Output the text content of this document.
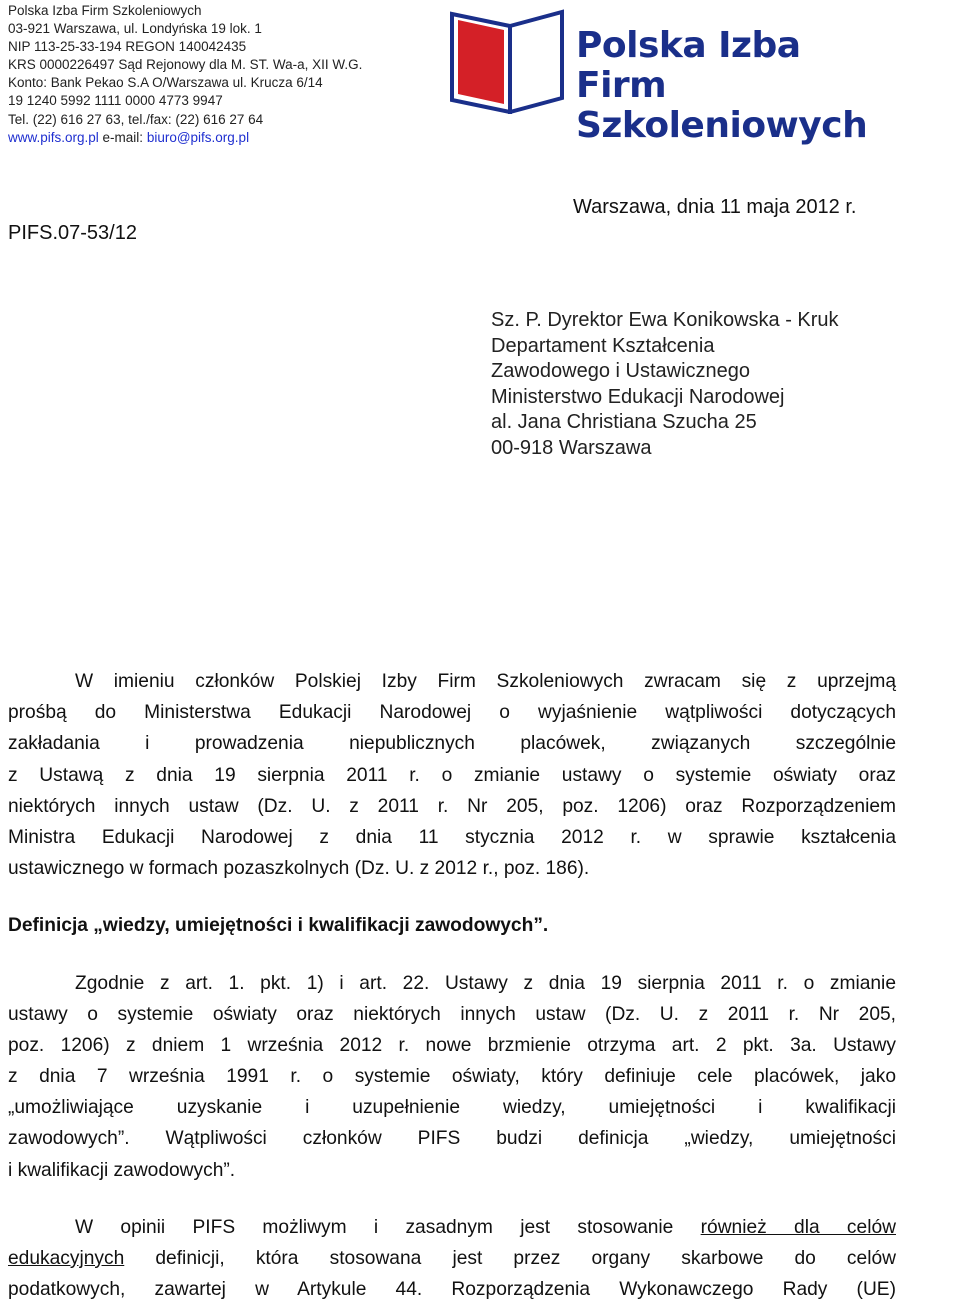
Polska Izba Firm Szkoleniowych
03-921 Warszawa, ul. Londyńska 19 lok. 1
NIP 113-25-33-194 REGON 140042435
KRS 0000226497 Sąd Rejonowy dla M. ST. Wa-a, XII W.G.
Konto: Bank Pekao S.A O/Warszawa ul. Krucza 6/14
19 1240 5992 1111 0000 4773 9947
Tel. (22) 616 27 63, tel./fax: (22) 616 27 64
www.pifs.org.pl e-mail: biuro@pifs.org.pl
Polska Izba
Firm Szkoleniowych
PIFS.07-53/12
Warszawa, dnia 11 maja 2012 r.
Sz. P. Dyrektor Ewa Konikowska - Kruk
Departament Kształcenia
Zawodowego i Ustawicznego
Ministerstwo Edukacji Narodowej
al. Jana Christiana Szucha 25
00-918 Warszawa
W imieniu członków Polskiej Izby Firm Szkoleniowych zwracam się z uprzejmą
prośbą do Ministerstwa Edukacji Narodowej o wyjaśnienie wątpliwości dotyczących
zakładania i prowadzenia niepublicznych placówek, związanych szczególnie
z Ustawą z dnia 19 sierpnia 2011 r. o zmianie ustawy o systemie oświaty oraz
niektórych innych ustaw (Dz. U. z 2011 r. Nr 205, poz. 1206) oraz Rozporządzeniem
Ministra Edukacji Narodowej z dnia 11 stycznia 2012 r. w sprawie kształcenia
ustawicznego w formach pozaszkolnych (Dz. U. z 2012 r., poz. 186).
Definicja „wiedzy, umiejętności i kwalifikacji zawodowych”.
Zgodnie z art. 1. pkt. 1) i art. 22. Ustawy z dnia 19 sierpnia 2011 r. o zmianie
ustawy o systemie oświaty oraz niektórych innych ustaw (Dz. U. z 2011 r. Nr 205,
poz. 1206) z dniem 1 września 2012 r. nowe brzmienie otrzyma art. 2 pkt. 3a. Ustawy
z dnia 7 września 1991 r. o systemie oświaty, który definiuje cele placówek, jako
„umożliwiające uzyskanie i uzupełnienie wiedzy, umiejętności i kwalifikacji
zawodowych”. Wątpliwości członków PIFS budzi definicja „wiedzy, umiejętności
i kwalifikacji zawodowych”.
W opinii PIFS możliwym i zasadnym jest stosowanie również dla celów
edukacyjnych definicji, która stosowana jest przez organy skarbowe do celów
podatkowych, zawartej w Artykule 44. Rozporządzenia Wykonawczego Rady (UE)
